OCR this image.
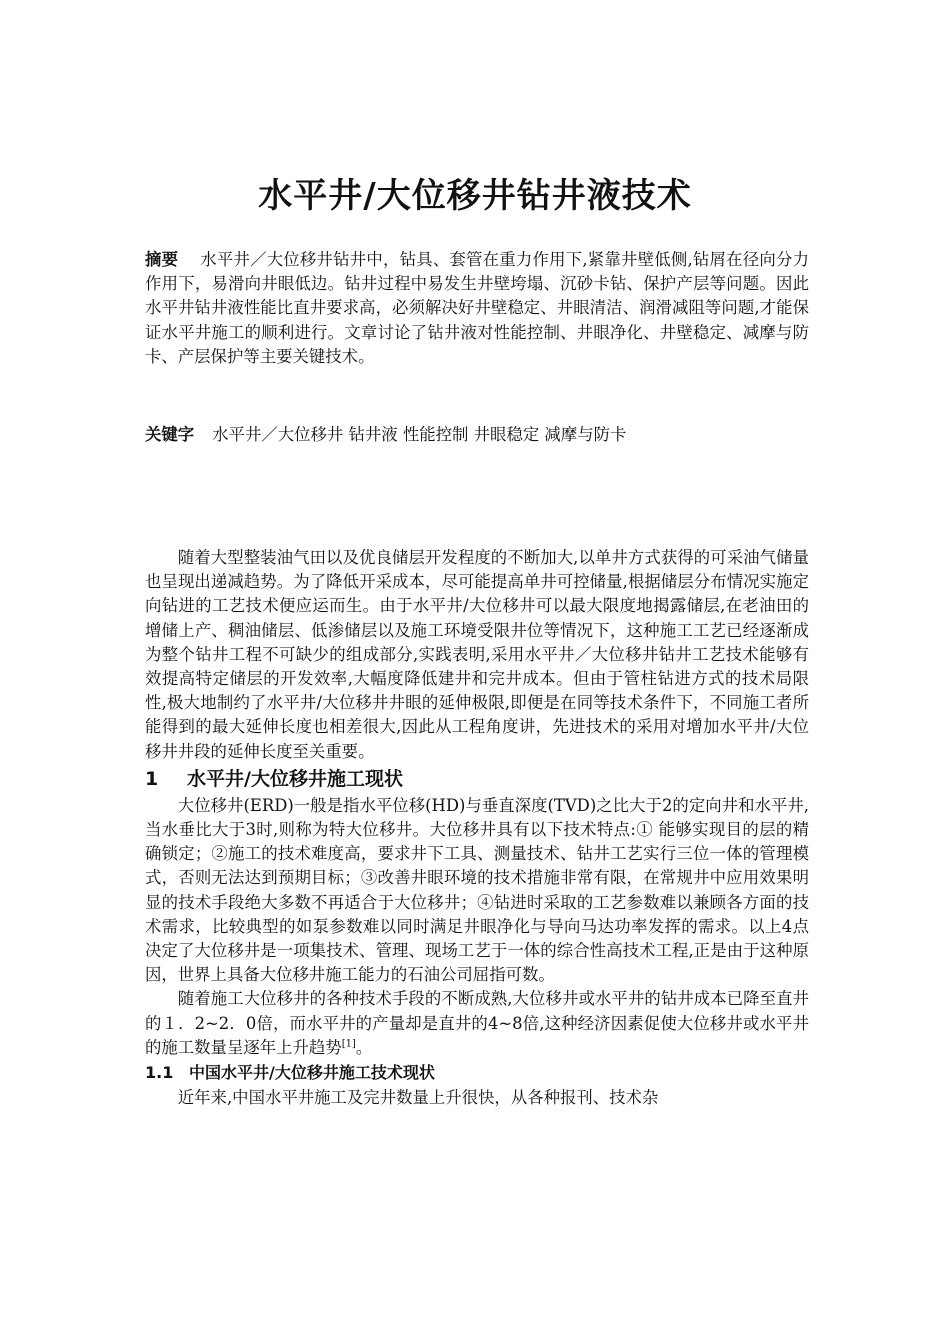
水平井/大位移井钻井液技术
摘要 水平井／大位移井钻井中，钻具、套管在重力作用下,紧靠井壁低侧,钻屑在径向分力作用下，易滑向井眼低边。钻井过程中易发生井壁垮塌、沉砂卡钻、保护产层等问题。因此水平井钻井液性能比直井要求高，必须解决好井壁稳定、井眼清洁、润滑减阻等问题,才能保证水平井施工的顺利进行。文章讨论了钻井液对性能控制、井眼净化、井壁稳定、减摩与防卡、产层保护等主要关键技术。
关键字 水平井／大位移井 钻井液 性能控制 井眼稳定 减摩与防卡

随着大型整装油气田以及优良储层开发程度的不断加大,以单井方式获得的可采油气储量也呈现出递减趋势。为了降低开采成本，尽可能提高单井可控储量,根据储层分布情况实施定向钻进的工艺技术便应运而生。由于水平井/大位移井可以最大限度地揭露储层,在老油田的增储上产、稠油储层、低渗储层以及施工环境受限井位等情况下，这种施工工艺已经逐渐成为整个钻井工程不可缺少的组成部分,实践表明,采用水平井／大位移井钻井工艺技术能够有效提高特定储层的开发效率,大幅度降低建井和完井成本。但由于管柱钻进方式的技术局限性,极大地制约了水平井/大位移井井眼的延伸极限,即便是在同等技术条件下，不同施工者所能得到的最大延伸长度也相差很大,因此从工程角度讲，先进技术的采用对增加水平井/大位移井井段的延伸长度至关重要。

1 水平井/大位移井施工现状

大位移井(ERD)一般是指水平位移(HD)与垂直深度(TVD)之比大于2的定向井和水平井,当水垂比大于3时,则称为特大位移井。大位移井具有以下技术特点:① 能够实现目的层的精确锁定；②施工的技术难度高，要求井下工具、测量技术、钻井工艺实行三位一体的管理模式，否则无法达到预期目标；③改善井眼环境的技术措施非常有限，在常规井中应用效果明显的技术手段绝大多数不再适合于大位移井；④钻进时采取的工艺参数难以兼顾各方面的技术需求，比较典型的如泵参数难以同时满足井眼净化与导向马达功率发挥的需求。以上4点决定了大位移井是一项集技术、管理、现场工艺于一体的综合性高技术工程,正是由于这种原因，世界上具备大位移井施工能力的石油公司屈指可数。

随着施工大位移井的各种技术手段的不断成熟,大位移井或水平井的钻井成本已降至直井的１．2~2．0倍，而水平井的产量却是直井的4~8倍,这种经济因素促使大位移井或水平井的施工数量呈逐年上升趋势[1]。

1.1 中国水平井/大位移井施工技术现状

近年来,中国水平井施工及完井数量上升很快，从各种报刊、技术杂
